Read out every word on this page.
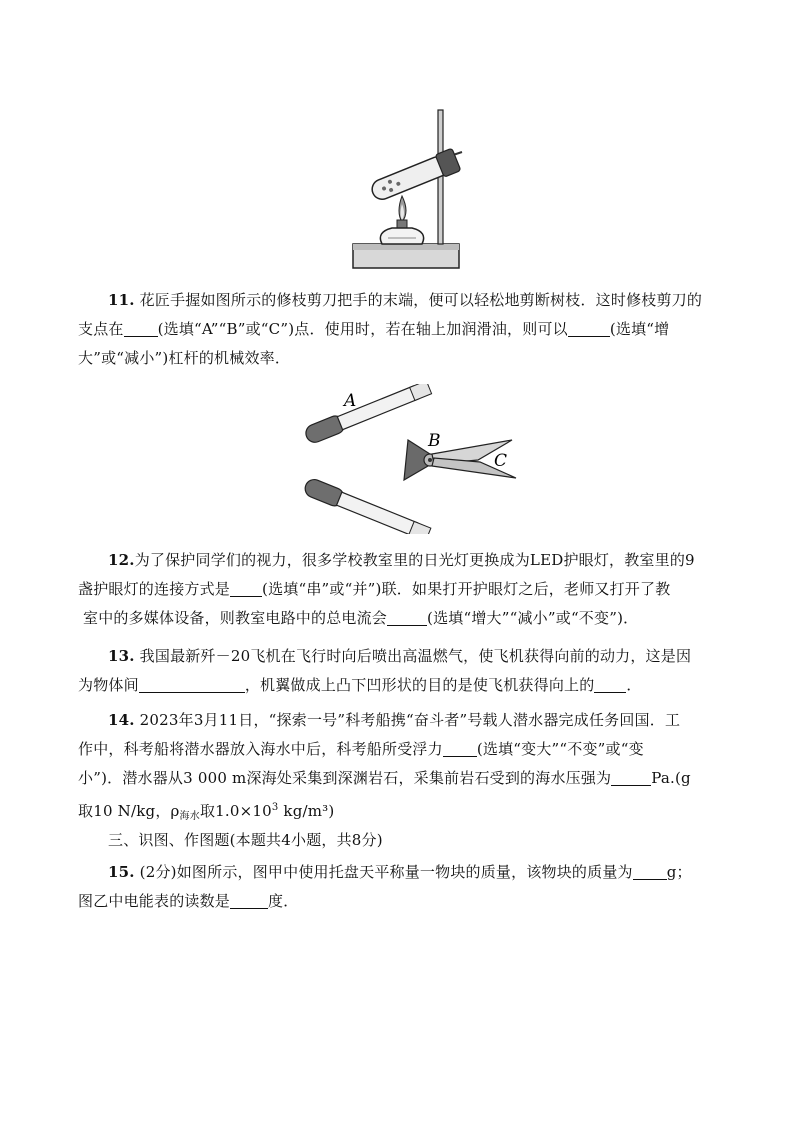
11. 花匠手握如图所示的修枝剪刀把手的末端，便可以轻松地剪断树枝．这时修枝剪刀的
支点在 (选填“A”“B”或“C”)点．使用时，若在轴上加润滑油，则可以	(选填“增
大”或“减小”)杠杆的机械效率．
A
B
C
12.为了保护同学们的视力，很多学校教室里的日光灯更换成为LED护眼灯，教室里的9
盏护眼灯的连接方式是 (选填“串”或“并”)联．如果打开护眼灯之后，老师又打开了教
室中的多媒体设备，则教室电路中的总电流会	(选填“增大”“减小”或“不变”)．
13. 我国最新歼－20飞机在飞行时向后喷出高温燃气，使飞机获得向前的动力，这是因
为物体间	，机翼做成上凸下凹形状的目的是使飞机获得向上的 ．
14. 2023年3月11日，“探索一号”科考船携“奋斗者”号载人潜水器完成任务回国．工
作中，科考船将潜水器放入海水中后，科考船所受浮力 (选填“变大”“不变”或“变
小”)．潜水器从3 000 m深海处采集到深渊岩石，采集前岩石受到的海水压强为	Pa.(g
取10 N/kg，$\rho_{海水}$取$1.0\times 10^3$ kg/m³)
三、识图、作图题(本题共4小题，共8分)
15. (2分)如图所示，图甲中使用托盘天平称量一物块的质量，该物块的质量为 g；
图乙中电能表的读数是	度．
